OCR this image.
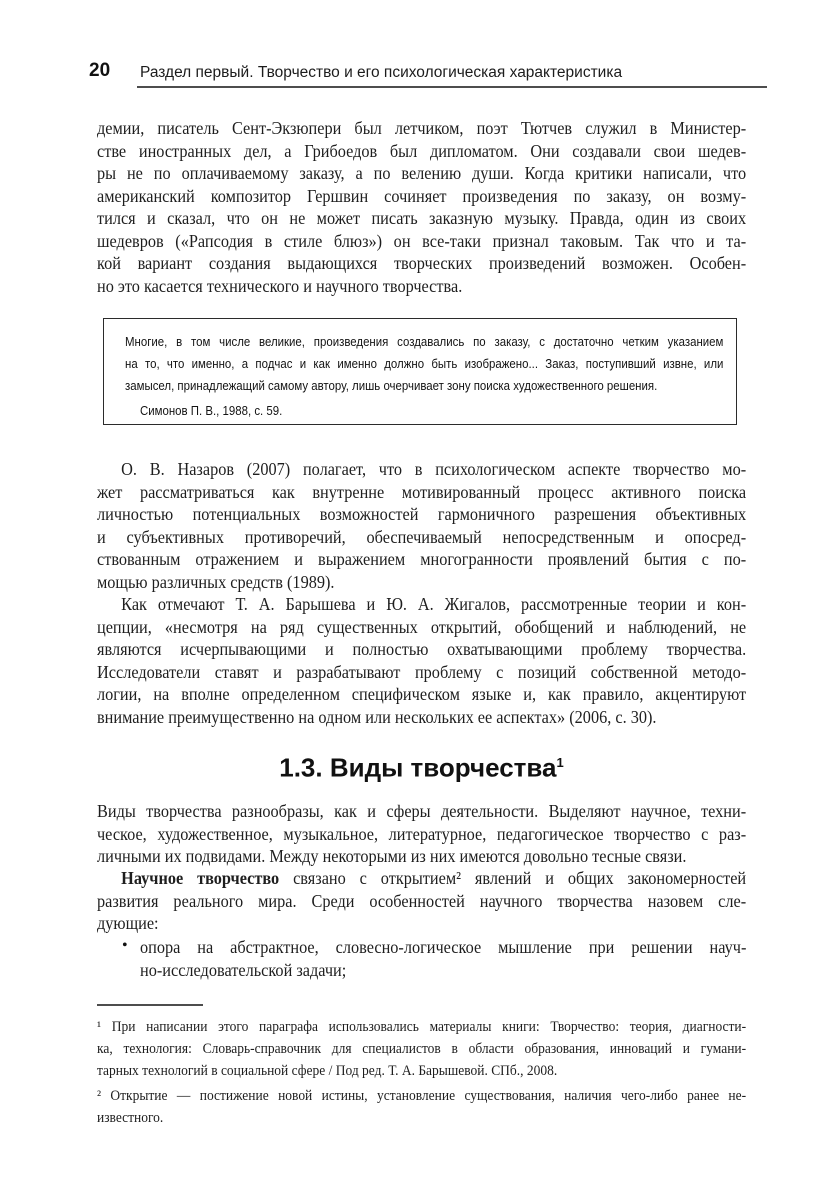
20 Раздел первый. Творчество и его психологическая характеристика
демии, писатель Сент-Экзюпери был летчиком, поэт Тютчев служил в Министер-
стве иностранных дел, а Грибоедов был дипломатом. Они создавали свои шедев-
ры не по оплачиваемому заказу, а по велению души. Когда критики написали, что
американский композитор Гершвин сочиняет произведения по заказу, он возму-
тился и сказал, что он не может писать заказную музыку. Правда, один из своих
шедевров («Рапсодия в стиле блюз») он все-таки признал таковым. Так что и та-
кой вариант создания выдающихся творческих произведений возможен. Особен-
но это касается технического и научного творчества.
Многие, в том числе великие, произведения создавались по заказу, с достаточно четким указанием
на то, что именно, а подчас и как именно должно быть изображено... Заказ, поступивший извне, или
замысел, принадлежащий самому автору, лишь очерчивает зону поиска художественного решения.
Симонов П. В., 1988, с. 59.
О. В. Назаров (2007) полагает, что в психологическом аспекте творчество мо-
жет рассматриваться как внутренне мотивированный процесс активного поиска
личностью потенциальных возможностей гармоничного разрешения объективных
и субъективных противоречий, обеспечиваемый непосредственным и опосред-
ствованным отражением и выражением многогранности проявлений бытия с по-
мощью различных средств (1989).
Как отмечают Т. А. Барышева и Ю. А. Жигалов, рассмотренные теории и кон-
цепции, «несмотря на ряд существенных открытий, обобщений и наблюдений, не
являются исчерпывающими и полностью охватывающими проблему творчества.
Исследователи ставят и разрабатывают проблему с позиций собственной методо-
логии, на вполне определенном специфическом языке и, как правило, акцентируют
внимание преимущественно на одном или нескольких ее аспектах» (2006, с. 30).
1.3. Виды творчества$^1$
Виды творчества разнообразы, как и сферы деятельности. Выделяют научное, техни-
ческое, художественное, музыкальное, литературное, педагогическое творчество с раз-
личными их подвидами. Между некоторыми из них имеются довольно тесные связи.
Научное творчество связано с открытием² явлений и общих закономерностей
развития реального мира. Среди особенностей научного творчества назовем сле-
дующие:
• опора на абстрактное, словесно-логическое мышление при решении науч-
но-исследовательской задачи;
¹ При написании этого параграфа использовались материалы книги: Творчество: теория, диагности-
ка, технология: Словарь-справочник для специалистов в области образования, инноваций и гумани-
тарных технологий в социальной сфере / Под ред. Т. А. Барышевой. СПб., 2008.
² Открытие — постижение новой истины, установление существования, наличия чего-либо ранее не-
известного.
